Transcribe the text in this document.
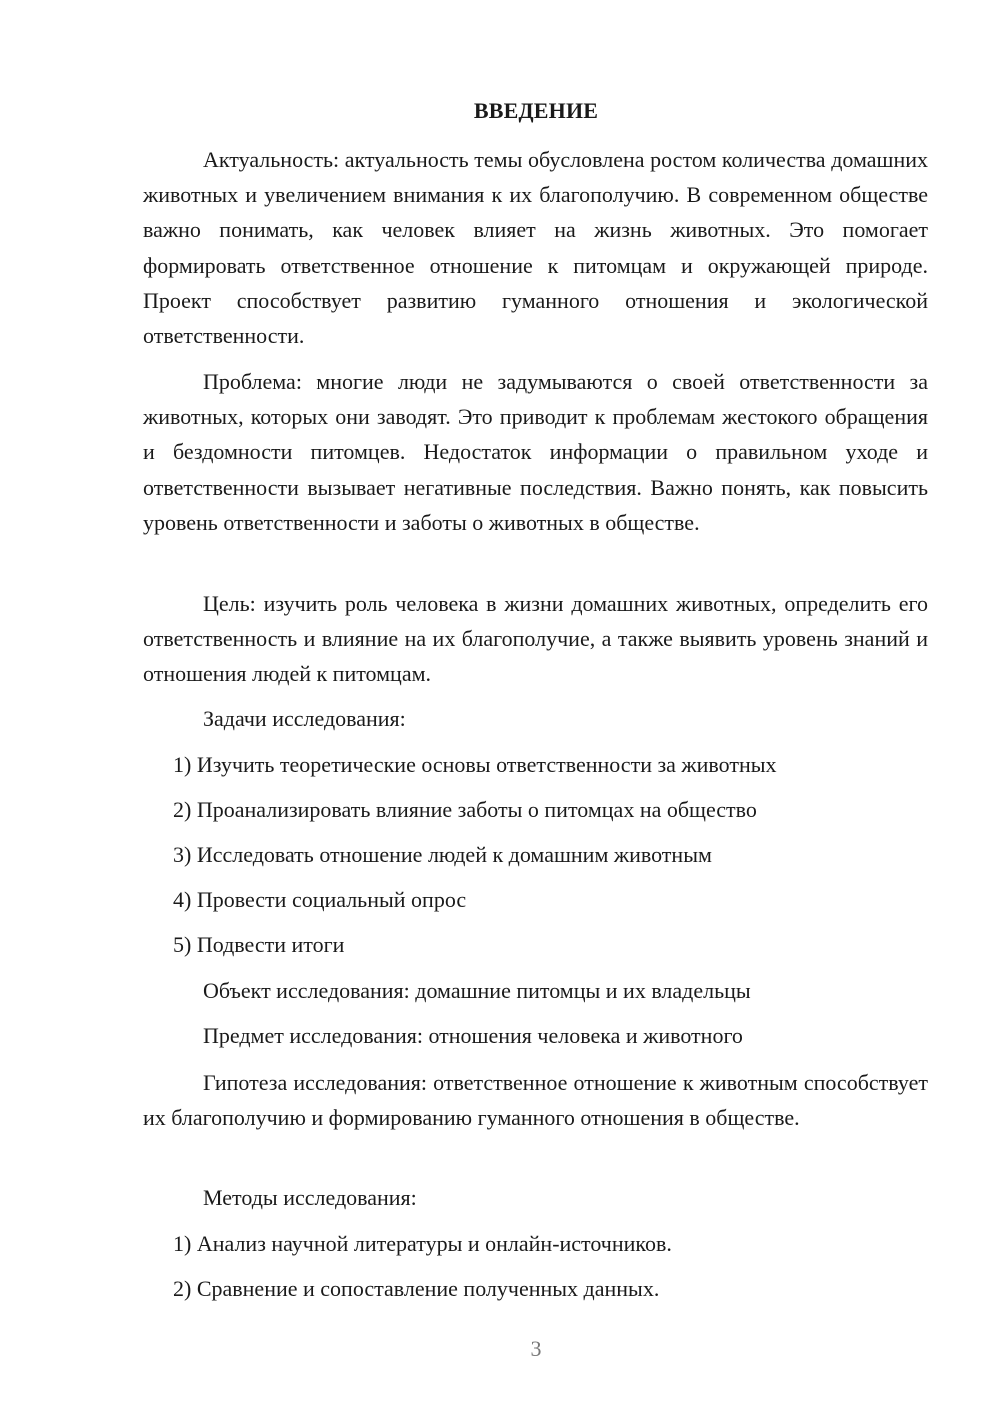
ВВЕДЕНИЕ

Актуальность: актуальность темы обусловлена ростом количества домашних животных и увеличением внимания к их благополучию. В современном обществе важно понимать, как человек влияет на жизнь животных. Это помогает формировать ответственное отношение к питомцам и окружающей природе. Проект способствует развитию гуманного отношения и экологической ответственности.

Проблема: многие люди не задумываются о своей ответственности за животных, которых они заводят. Это приводит к проблемам жестокого обращения и бездомности питомцев. Недостаток информации о правильном уходе и ответственности вызывает негативные последствия. Важно понять, как повысить уровень ответственности и заботы о животных в обществе.

Цель: изучить роль человека в жизни домашних животных, определить его ответственность и влияние на их благополучие, а также выявить уровень знаний и отношения людей к питомцам.

Задачи исследования:

1) Изучить теоретические основы ответственности за животных

2) Проанализировать влияние заботы о питомцах на общество

3) Исследовать отношение людей к домашним животным

4) Провести социальный опрос

5) Подвести итоги

Объект исследования: домашние питомцы и их владельцы

Предмет исследования: отношения человека и животного

Гипотеза исследования: ответственное отношение к животным способствует их благополучию и формированию гуманного отношения в обществе.

Методы исследования:

1) Анализ научной литературы и онлайн-источников.

2) Сравнение и сопоставление полученных данных.

3
